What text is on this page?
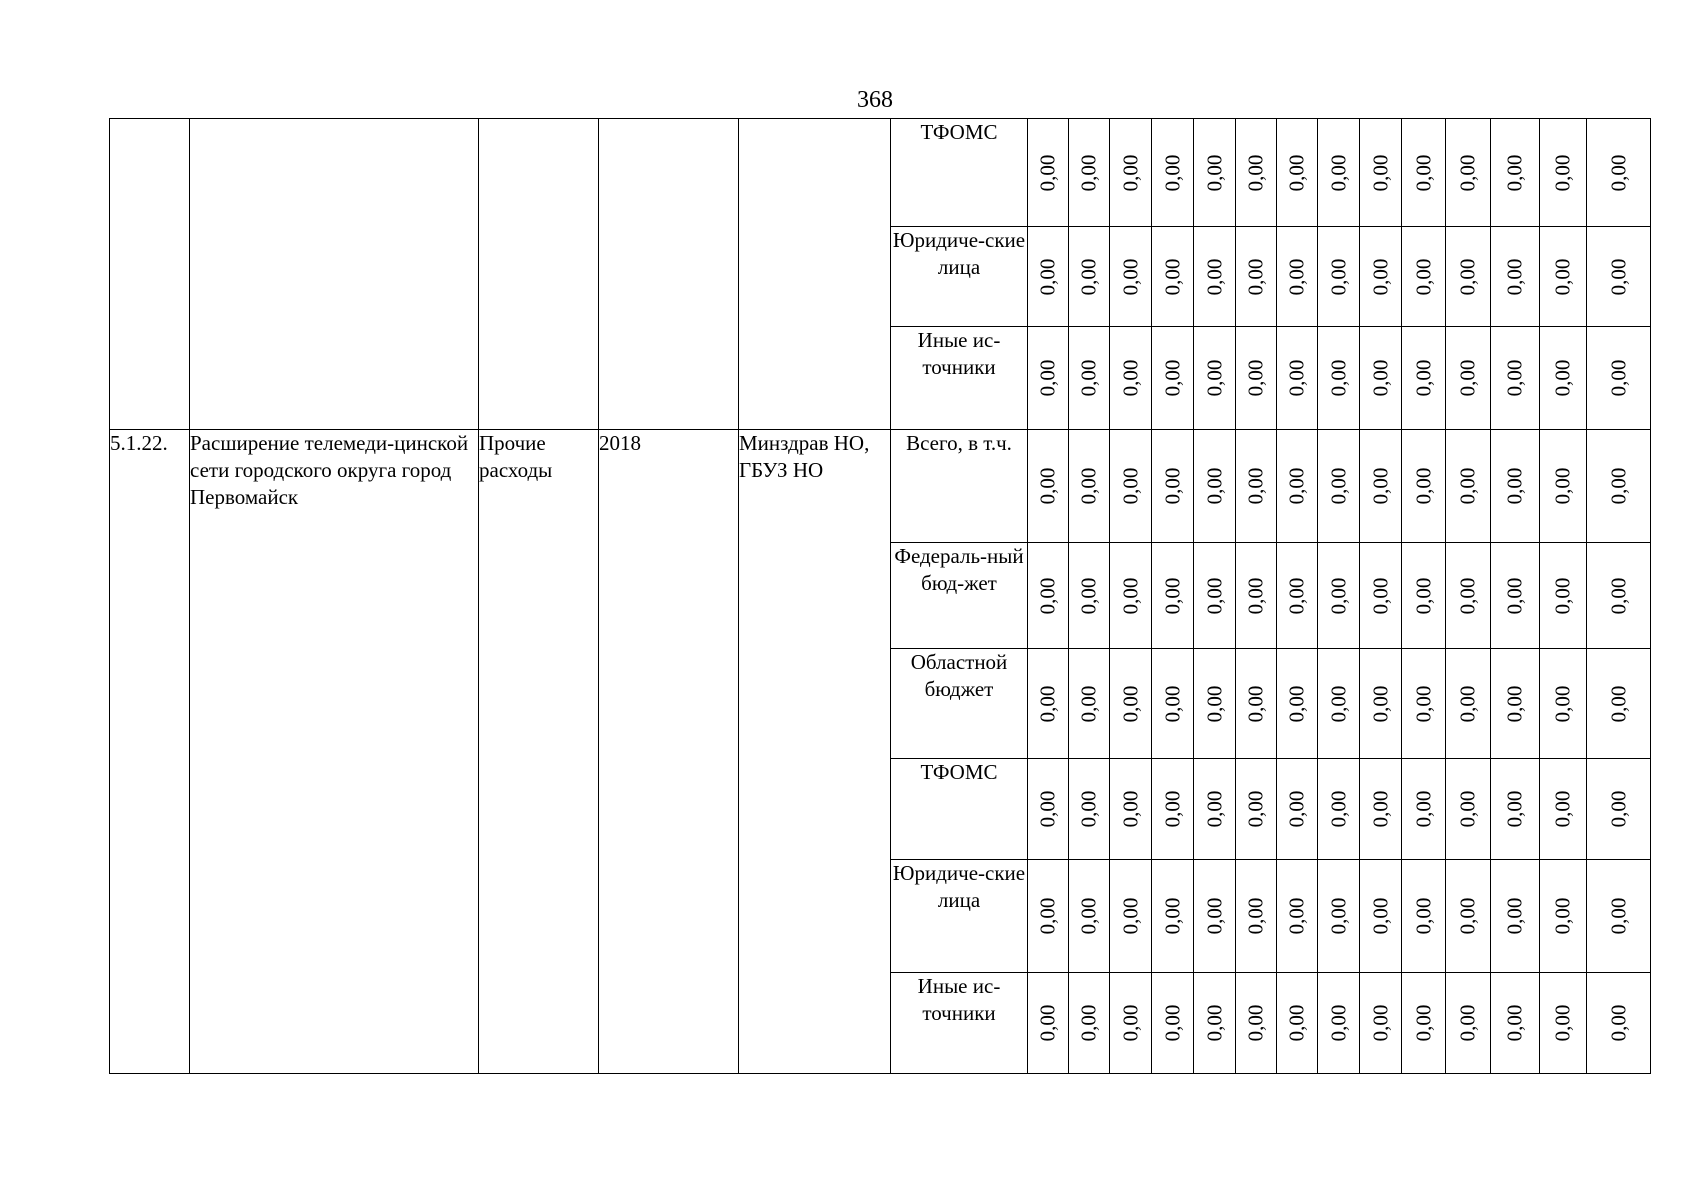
368
					ТФОМС	0,00	0,00	0,00	0,00	0,00	0,00	0,00	0,00	0,00	0,00	0,00	0,00	0,00	0,00

					Юридиче-ские лица	0,00	0,00	0,00	0,00	0,00	0,00	0,00	0,00	0,00	0,00	0,00	0,00	0,00	0,00

					Иные ис-точники	0,00	0,00	0,00	0,00	0,00	0,00	0,00	0,00	0,00	0,00	0,00	0,00	0,00	0,00

5.1.22.	Расширение телемеди-цинской сети городского округа город Первомайск	Прочие расходы	2018	Минздрав НО, ГБУЗ НО	Всего, в т.ч.	0,00	0,00	0,00	0,00	0,00	0,00	0,00	0,00	0,00	0,00	0,00	0,00	0,00	0,00

					Федераль-ный бюд-жет	0,00	0,00	0,00	0,00	0,00	0,00	0,00	0,00	0,00	0,00	0,00	0,00	0,00	0,00

					Областной бюджет	0,00	0,00	0,00	0,00	0,00	0,00	0,00	0,00	0,00	0,00	0,00	0,00	0,00	0,00

					ТФОМС	0,00	0,00	0,00	0,00	0,00	0,00	0,00	0,00	0,00	0,00	0,00	0,00	0,00	0,00

					Юридиче-ские лица	0,00	0,00	0,00	0,00	0,00	0,00	0,00	0,00	0,00	0,00	0,00	0,00	0,00	0,00

					Иные ис-точники	0,00	0,00	0,00	0,00	0,00	0,00	0,00	0,00	0,00	0,00	0,00	0,00	0,00	0,00
